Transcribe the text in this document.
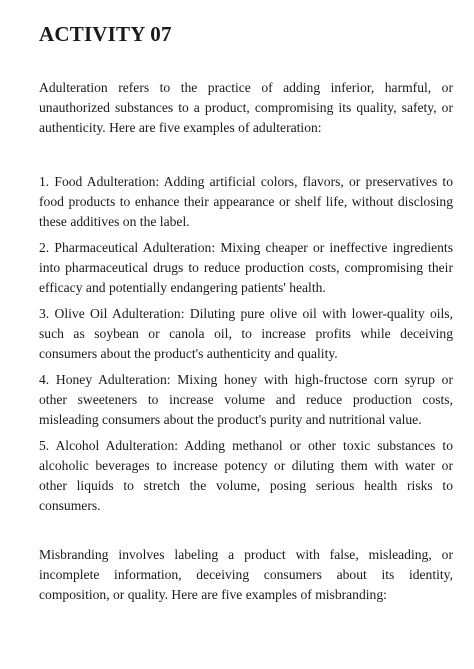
ACTIVITY 07

Adulteration refers to the practice of adding inferior, harmful, or unauthorized substances to a product, compromising its quality, safety, or authenticity. Here are five examples of adulteration:

1. Food Adulteration: Adding artificial colors, flavors, or preservatives to food products to enhance their appearance or shelf life, without disclosing these additives on the label.

2. Pharmaceutical Adulteration: Mixing cheaper or ineffective ingredients into pharmaceutical drugs to reduce production costs, compromising their efficacy and potentially endangering patients' health.

3. Olive Oil Adulteration: Diluting pure olive oil with lower-quality oils, such as soybean or canola oil, to increase profits while deceiving consumers about the product's authenticity and quality.

4. Honey Adulteration: Mixing honey with high-fructose corn syrup or other sweeteners to increase volume and reduce production costs, misleading consumers about the product's purity and nutritional value.

5. Alcohol Adulteration: Adding methanol or other toxic substances to alcoholic beverages to increase potency or diluting them with water or other liquids to stretch the volume, posing serious health risks to consumers.

Misbranding involves labeling a product with false, misleading, or incomplete information, deceiving consumers about its identity, composition, or quality. Here are five examples of misbranding:
